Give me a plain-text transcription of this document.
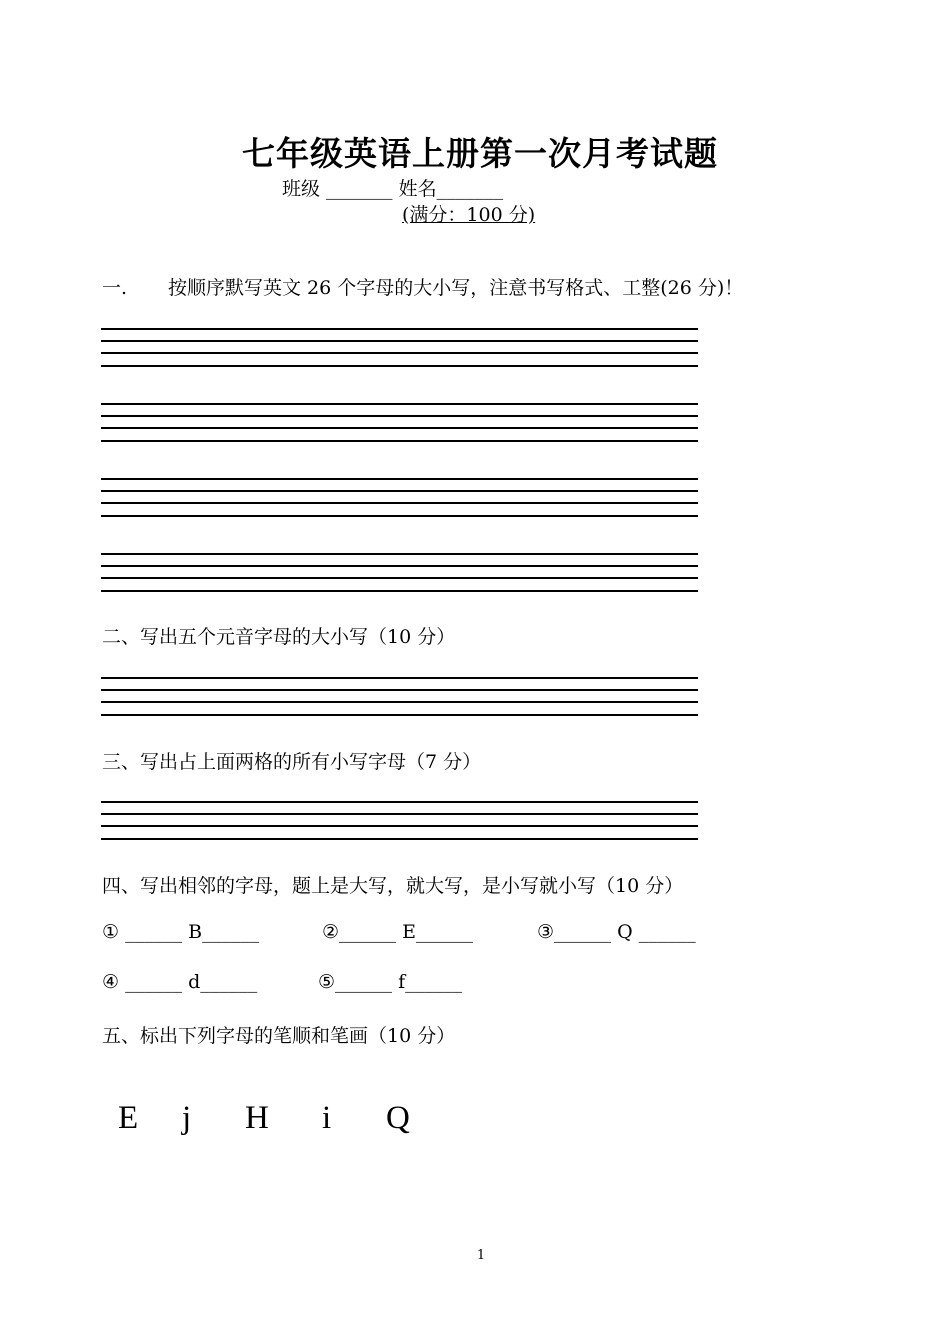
七年级英语上册第一次月考试题
班级 _______ 姓名_______
(满分：100 分)
一. 按顺序默写英文 26 个字母的大小写，注意书写格式、工整(26 分)！
二、写出五个元音字母的大小写（10 分）
三、写出占上面两格的所有小写字母（7 分）
四、写出相邻的字母，题上是大写，就大写，是小写就小写（10 分）
① ______ B______	②______ E______	③______ Q ______
④ ______ d______	⑤______ f______
五、标出下列字母的笔顺和笔画（10 分）
E j H i Q
1
